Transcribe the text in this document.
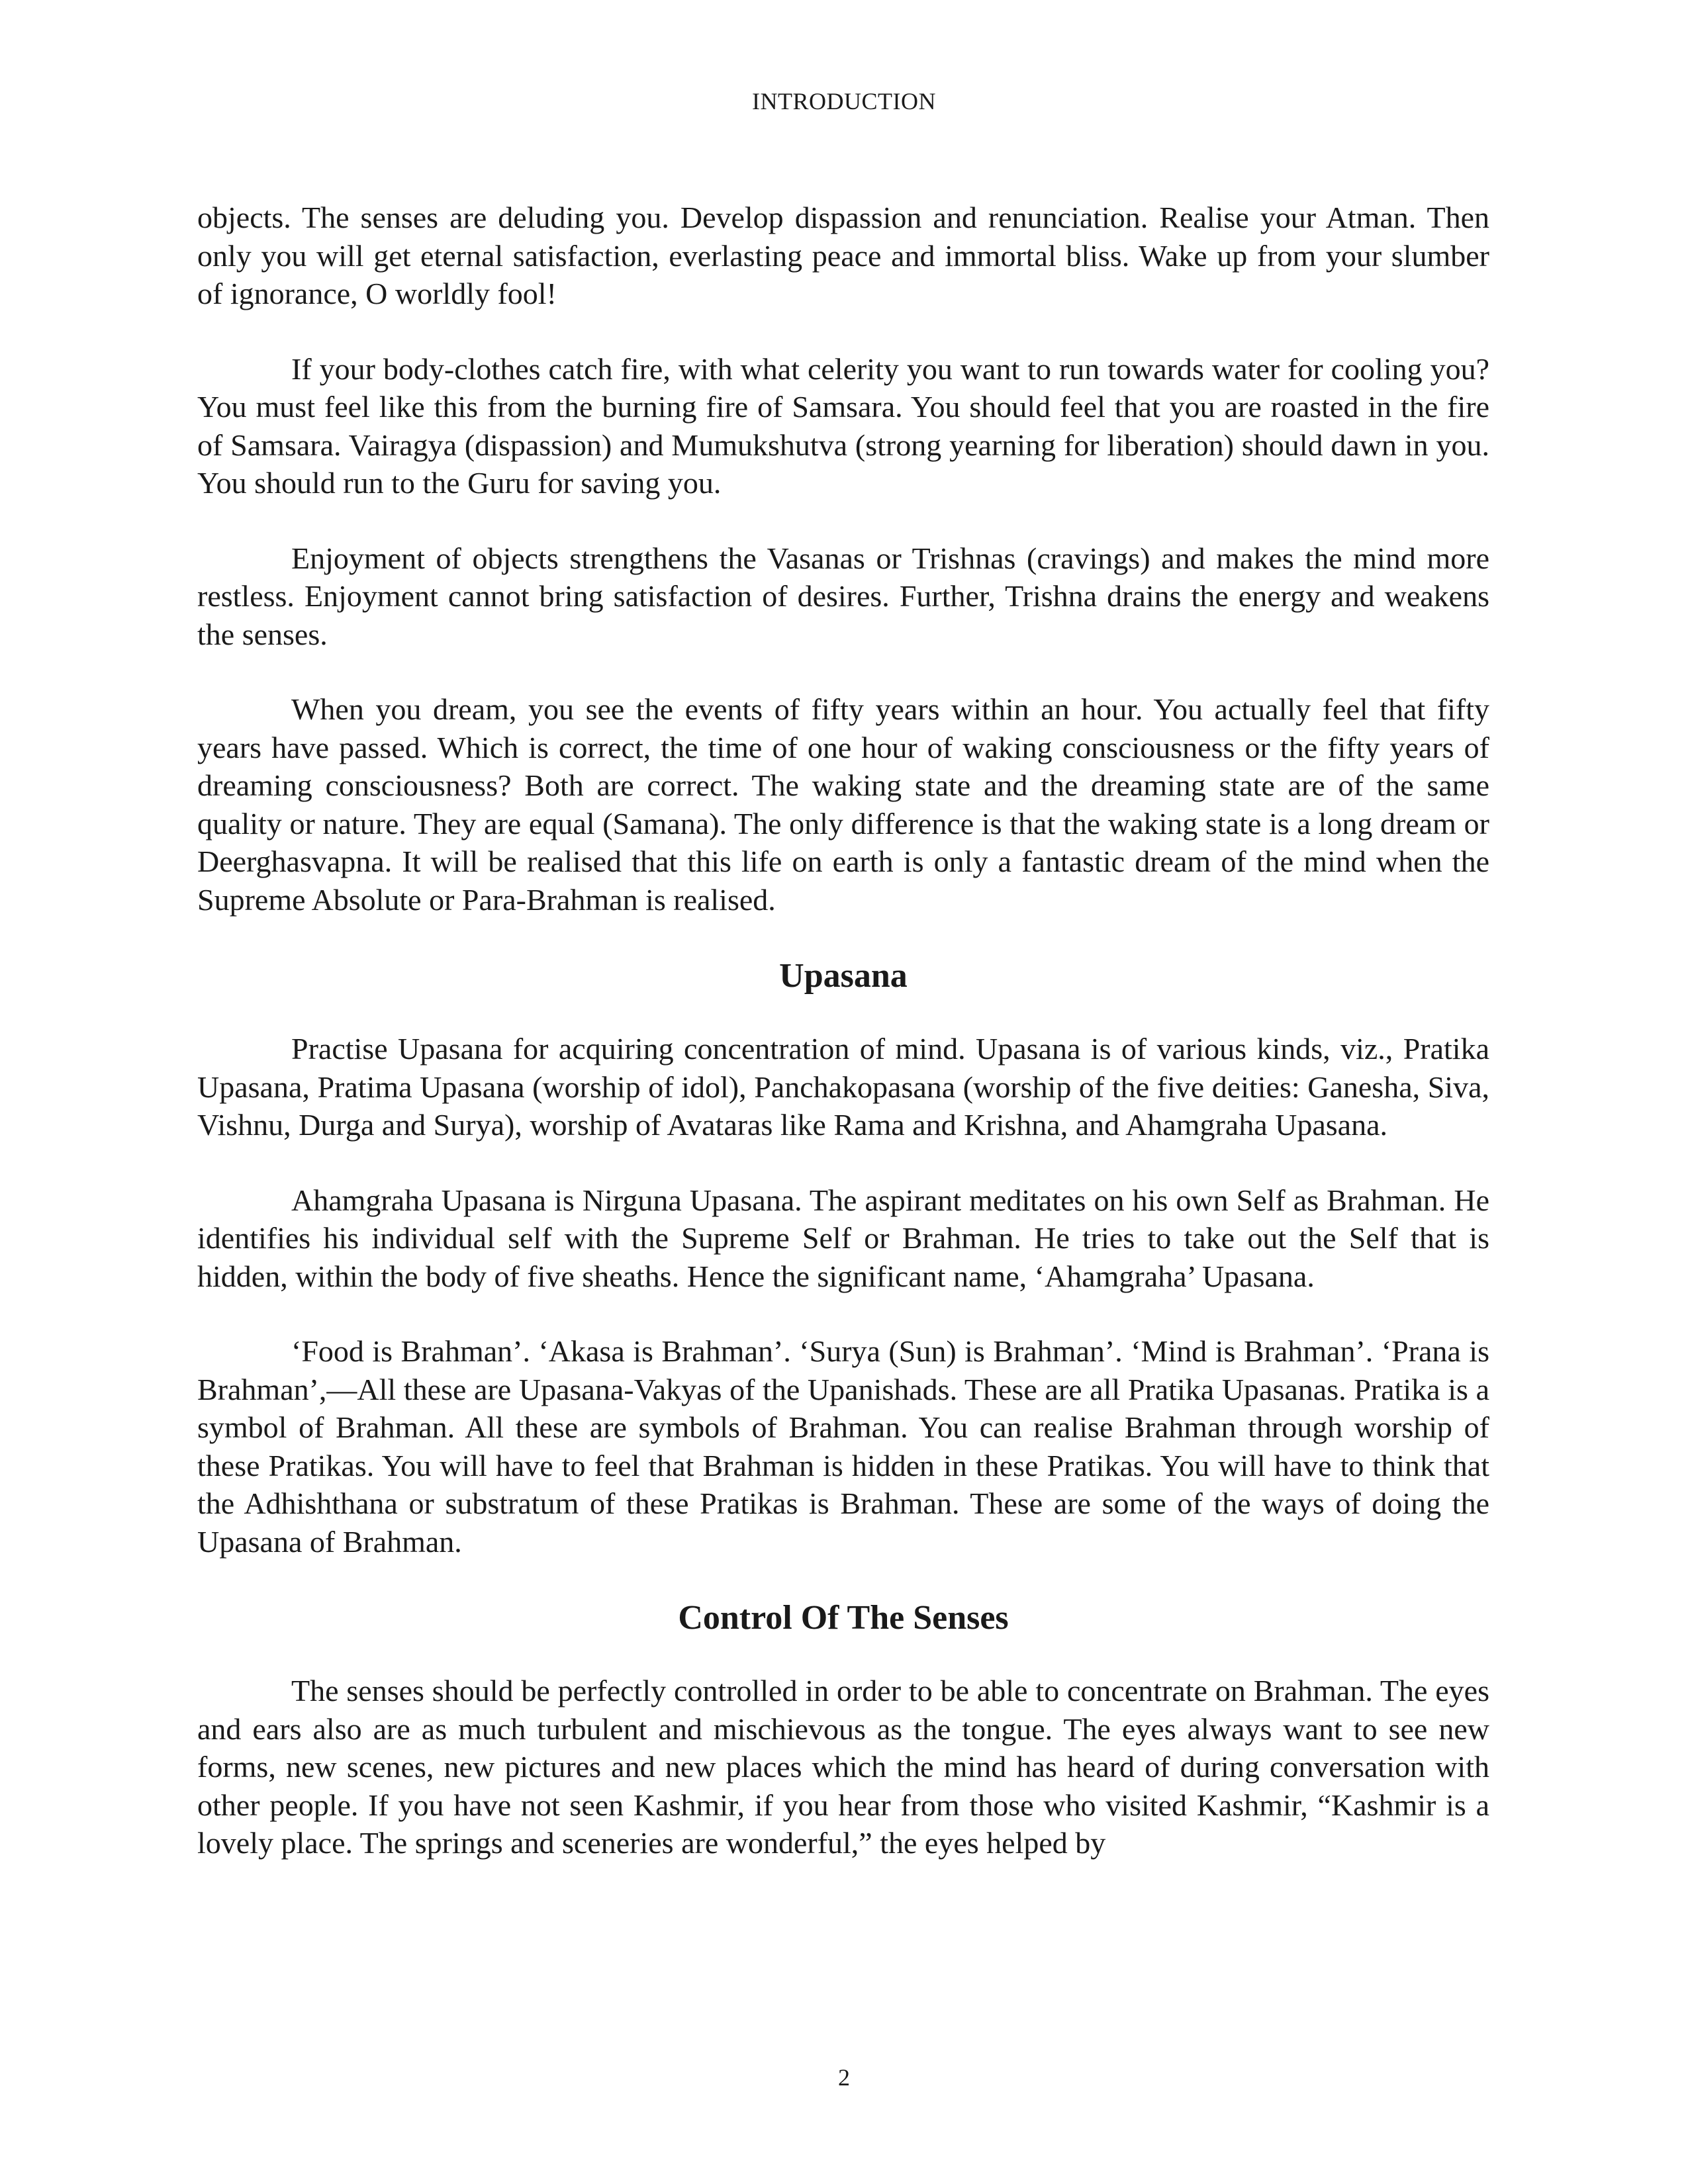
INTRODUCTION

objects. The senses are deluding you. Develop dispassion and renunciation. Realise your Atman. Then only you will get eternal satisfaction, everlasting peace and immortal bliss. Wake up from your slumber of ignorance, O worldly fool!

If your body-clothes catch fire, with what celerity you want to run towards water for cooling you? You must feel like this from the burning fire of Samsara. You should feel that you are roasted in the fire of Samsara. Vairagya (dispassion) and Mumukshutva (strong yearning for liberation) should dawn in you. You should run to the Guru for saving you.

Enjoyment of objects strengthens the Vasanas or Trishnas (cravings) and makes the mind more restless. Enjoyment cannot bring satisfaction of desires. Further, Trishna drains the energy and weakens the senses.

When you dream, you see the events of fifty years within an hour. You actually feel that fifty years have passed. Which is correct, the time of one hour of waking consciousness or the fifty years of dreaming consciousness? Both are correct. The waking state and the dreaming state are of the same quality or nature. They are equal (Samana). The only difference is that the waking state is a long dream or Deerghasvapna. It will be realised that this life on earth is only a fantastic dream of the mind when the Supreme Absolute or Para-Brahman is realised.

Upasana

Practise Upasana for acquiring concentration of mind. Upasana is of various kinds, viz., Pratika Upasana, Pratima Upasana (worship of idol), Panchakopasana (worship of the five deities: Ganesha, Siva, Vishnu, Durga and Surya), worship of Avataras like Rama and Krishna, and Ahamgraha Upasana.

Ahamgraha Upasana is Nirguna Upasana. The aspirant meditates on his own Self as Brahman. He identifies his individual self with the Supreme Self or Brahman. He tries to take out the Self that is hidden, within the body of five sheaths. Hence the significant name, ‘Ahamgraha’ Upasana.

‘Food is Brahman’. ‘Akasa is Brahman’. ‘Surya (Sun) is Brahman’. ‘Mind is Brahman’. ‘Prana is Brahman’,—All these are Upasana-Vakyas of the Upanishads. These are all Pratika Upasanas. Pratika is a symbol of Brahman. All these are symbols of Brahman. You can realise Brahman through worship of these Pratikas. You will have to feel that Brahman is hidden in these Pratikas. You will have to think that the Adhishthana or substratum of these Pratikas is Brahman. These are some of the ways of doing the Upasana of Brahman.

Control Of The Senses

The senses should be perfectly controlled in order to be able to concentrate on Brahman. The eyes and ears also are as much turbulent and mischievous as the tongue. The eyes always want to see new forms, new scenes, new pictures and new places which the mind has heard of during conversation with other people. If you have not seen Kashmir, if you hear from those who visited Kashmir, “Kashmir is a lovely place. The springs and sceneries are wonderful,” the eyes helped by

2
